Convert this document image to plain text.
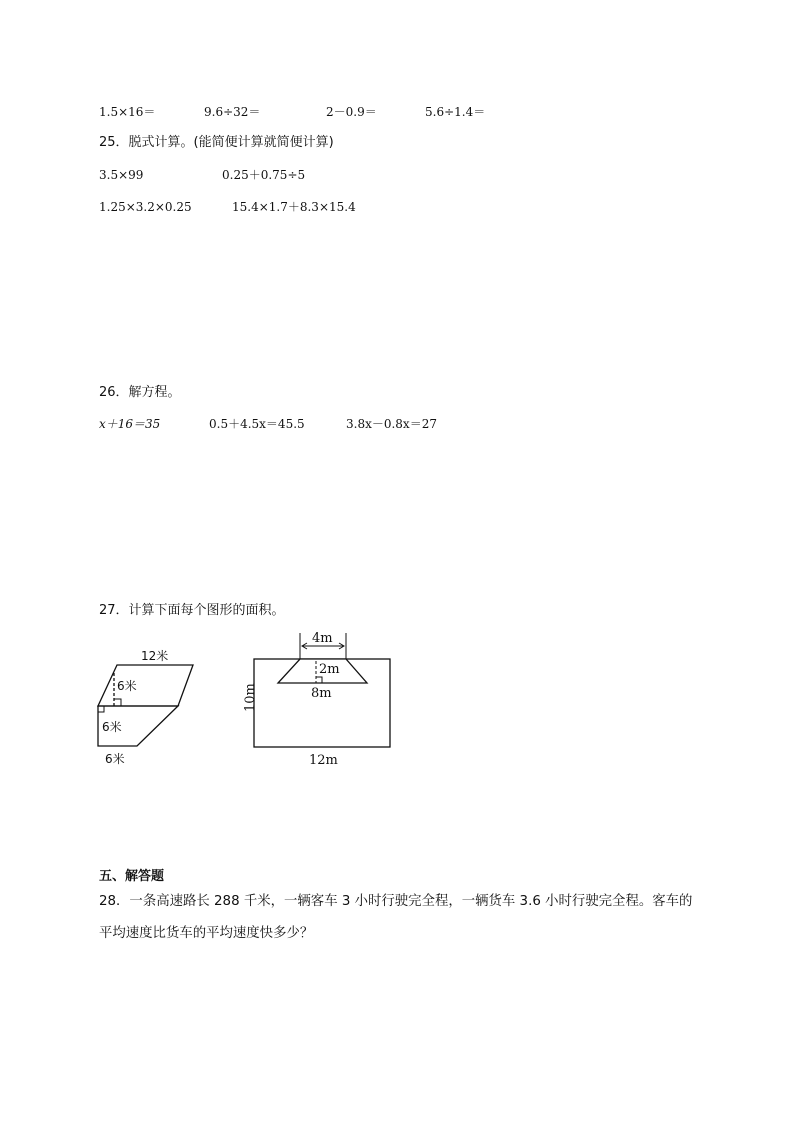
1.5×16＝	9.6÷32＝	2－0.9＝	5.6÷1.4＝
25．脱式计算。(能简便计算就简便计算)
3.5×99	0.25＋0.75÷5
1.25×3.2×0.25	15.4×1.7＋8.3×15.4
26．解方程。
x＋16＝35	0.5＋4.5x＝45.5	3.8x－0.8x＝27
27．计算下面每个图形的面积。
12米
6米
6米
6米
4m
2m
8m
10m
12m
五、解答题
28．一条高速路长 288 千米，一辆客车 3 小时行驶完全程，一辆货车 3.6 小时行驶完全程。客车的
平均速度比货车的平均速度快多少？
